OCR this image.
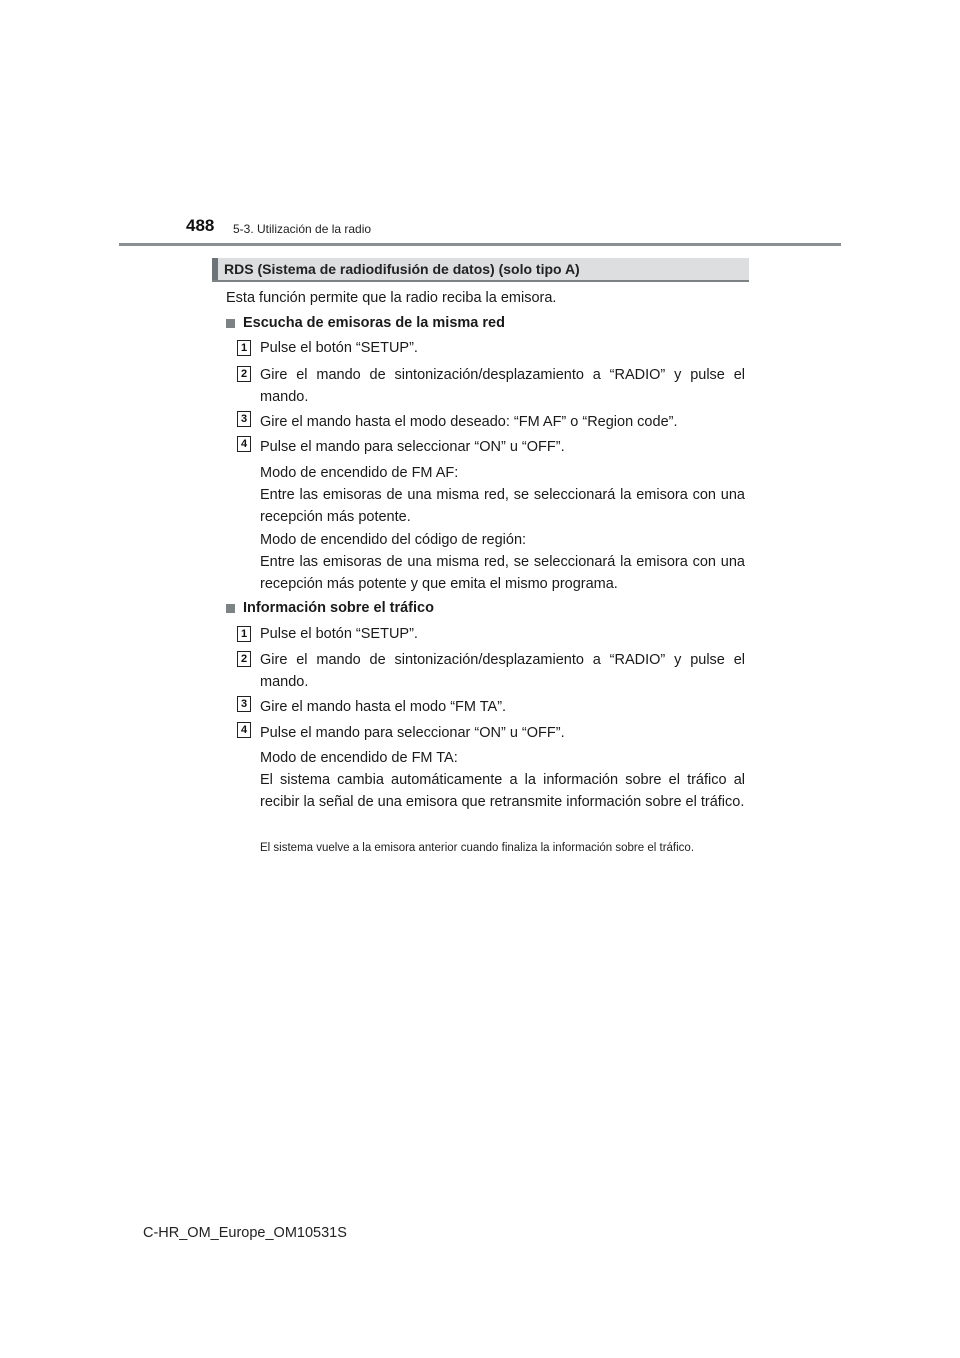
488 5-3. Utilización de la radio
RDS (Sistema de radiodifusión de datos) (solo tipo A)
Esta función permite que la radio reciba la emisora.
Escucha de emisoras de la misma red
1 Pulse el botón “SETUP”.
2 Gire el mando de sintonización/desplazamiento a “RADIO” y pulse el mando.
3 Gire el mando hasta el modo deseado: “FM AF” o “Region code”.
4 Pulse el mando para seleccionar “ON” u “OFF”.
Modo de encendido de FM AF:
Entre las emisoras de una misma red, se seleccionará la emisora con una recepción más potente.
Modo de encendido del código de región:
Entre las emisoras de una misma red, se seleccionará la emisora con una recepción más potente y que emita el mismo programa.
Información sobre el tráfico
1 Pulse el botón “SETUP”.
2 Gire el mando de sintonización/desplazamiento a “RADIO” y pulse el mando.
3 Gire el mando hasta el modo “FM TA”.
4 Pulse el mando para seleccionar “ON” u “OFF”.
Modo de encendido de FM TA:
El sistema cambia automáticamente a la información sobre el tráfico al recibir la señal de una emisora que retransmite información sobre el tráfico.
El sistema vuelve a la emisora anterior cuando finaliza la información sobre el tráfico.
C-HR_OM_Europe_OM10531S
